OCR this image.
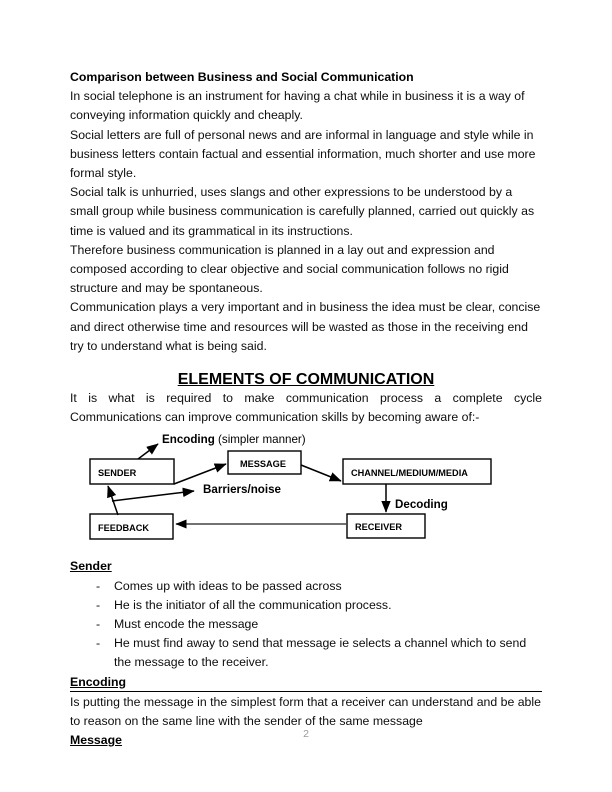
Comparison between Business and Social Communication

In social telephone is an instrument for having a chat while in business it is a way of conveying information quickly and cheaply.

Social letters are full of personal news and are informal in language and style while in business letters contain factual and essential information, much shorter and use more formal style.

Social talk is unhurried, uses slangs and other expressions to be understood by a small group while business communication is carefully planned, carried out quickly as time is valued and its grammatical in its instructions.

Therefore business communication is planned in a lay out and expression and composed according to clear objective and social communication follows no rigid structure and may be spontaneous.

Communication plays a very important and in business the idea must be clear, concise and direct otherwise time and resources will be wasted as those in the receiving end try to understand what is being said.

ELEMENTS OF COMMUNICATION
It is what is required to make communication process a complete cycle
Communications can improve communication skills by becoming aware of:-
SENDER
MESSAGE
CHANNEL/MEDIUM/MEDIA
RECEIVER
FEEDBACK
Encoding (simpler manner)
Barriers/noise
Decoding
Sender
- Comes up with ideas to be passed across
- He is the initiator of all the communication process.
- Must encode the message
- He must find away to send that message ie selects a channel which to send the message to the receiver.
Encoding

Is putting the message in the simplest form that a receiver can understand and be able to reason on the same line with the sender of the same message

Message	2
